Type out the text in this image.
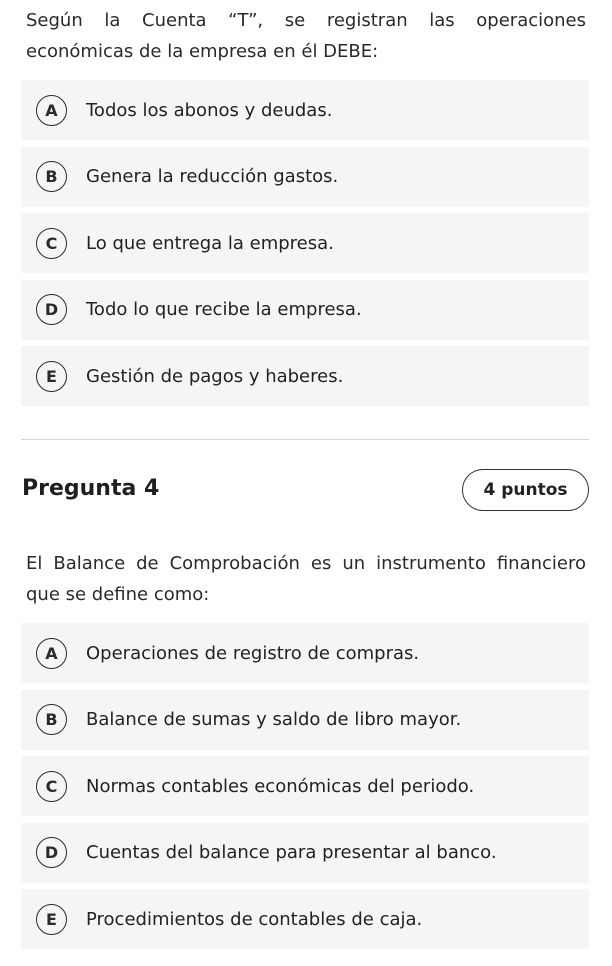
Según la Cuenta “T”, se registran las operaciones económicas de la empresa en él DEBE:

A	Todos los abonos y deudas.
B	Genera la reducción gastos.
C	Lo que entrega la empresa.
D	Todo lo que recibe la empresa.
E	Gestión de pagos y haberes.
Pregunta 4	4 puntos

El Balance de Comprobación es un instrumento financiero que se define como:

A	Operaciones de registro de compras.
B	Balance de sumas y saldo de libro mayor.
C	Normas contables económicas del periodo.
D	Cuentas del balance para presentar al banco.
E	Procedimientos de contables de caja.
